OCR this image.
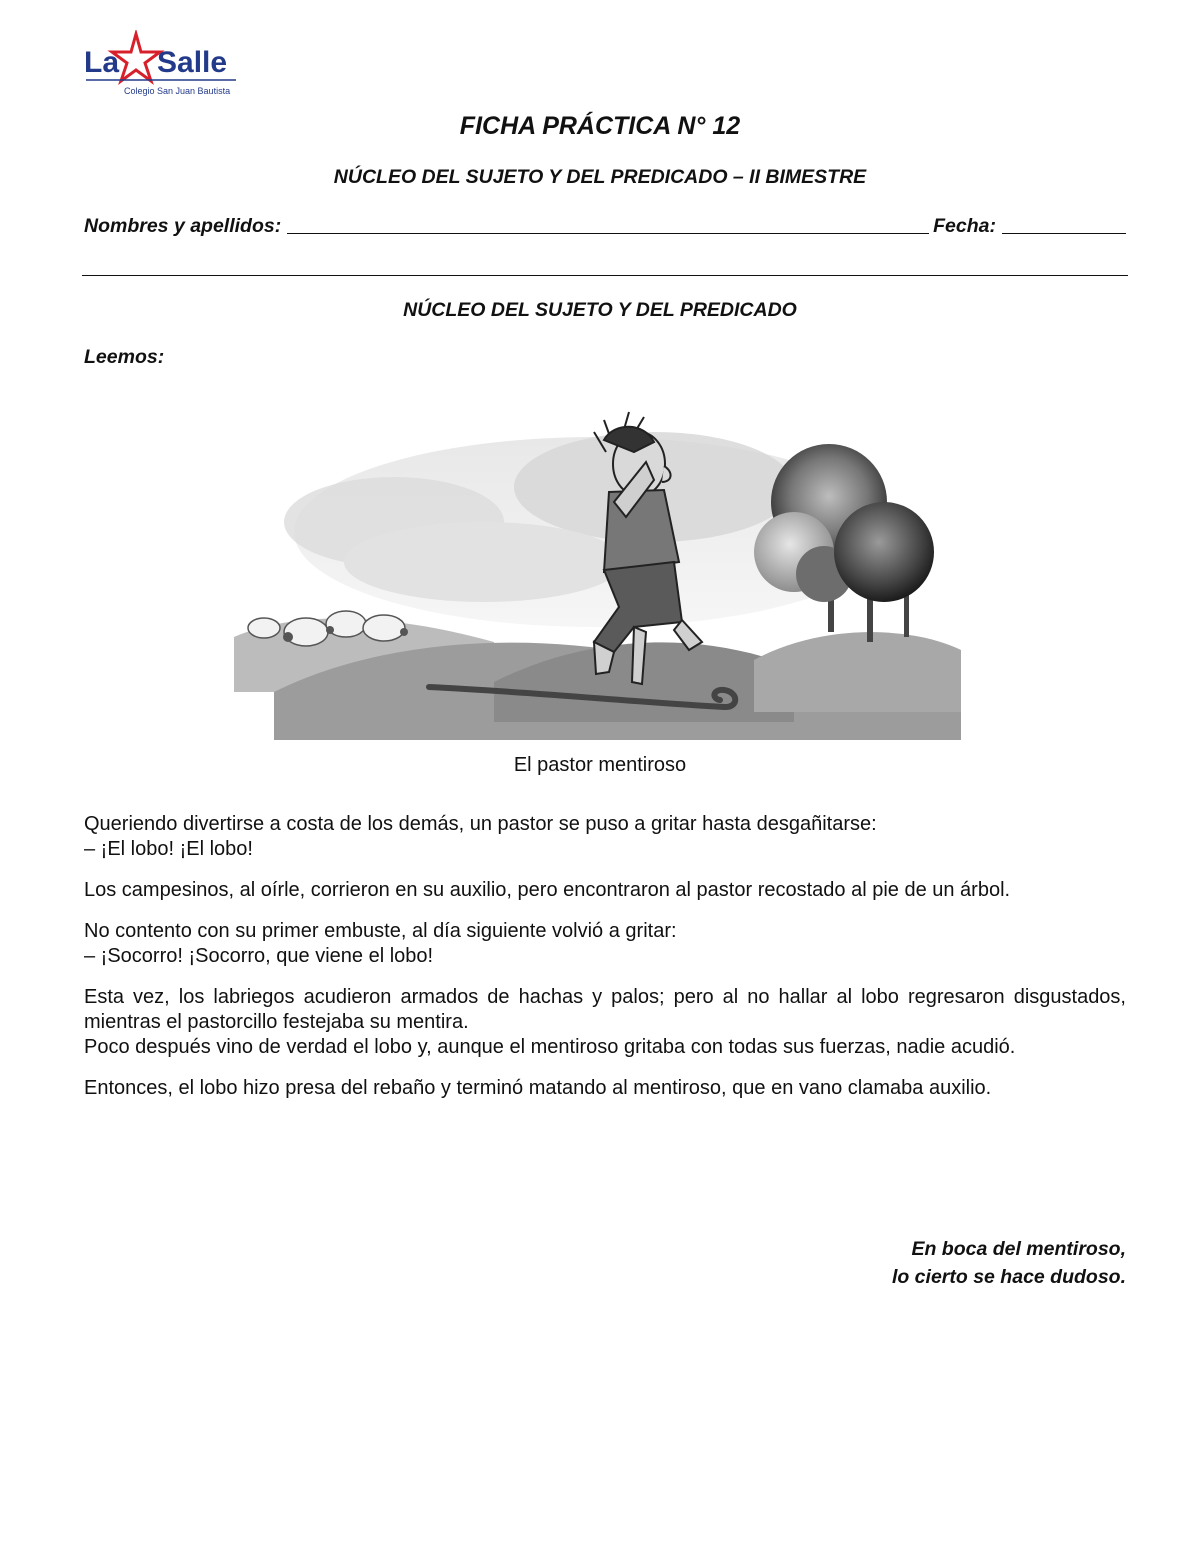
La Salle
Colegio San Juan Bautista
FICHA PRÁCTICA N° 12
NÚCLEO DEL SUJETO Y DEL PREDICADO – II BIMESTRE
Nombres y apellidos:	Fecha:
NÚCLEO DEL SUJETO Y DEL PREDICADO
Leemos:
El pastor mentiroso

Queriendo divertirse a costa de los demás, un pastor se puso a gritar hasta desgañitarse:

– ¡El lobo! ¡El lobo!

Los campesinos, al oírle, corrieron en su auxilio, pero encontraron al pastor recostado al pie de un árbol.

No contento con su primer embuste, al día siguiente volvió a gritar:

– ¡Socorro! ¡Socorro, que viene el lobo!

Esta vez, los labriegos acudieron armados de hachas y palos; pero al no hallar al lobo regresaron disgustados, mientras el pastorcillo festejaba su mentira.

Poco después vino de verdad el lobo y, aunque el mentiroso gritaba con todas sus fuerzas, nadie acudió.

Entonces, el lobo hizo presa del rebaño y terminó matando al mentiroso, que en vano clamaba auxilio.

En boca del mentiroso,
lo cierto se hace dudoso.
